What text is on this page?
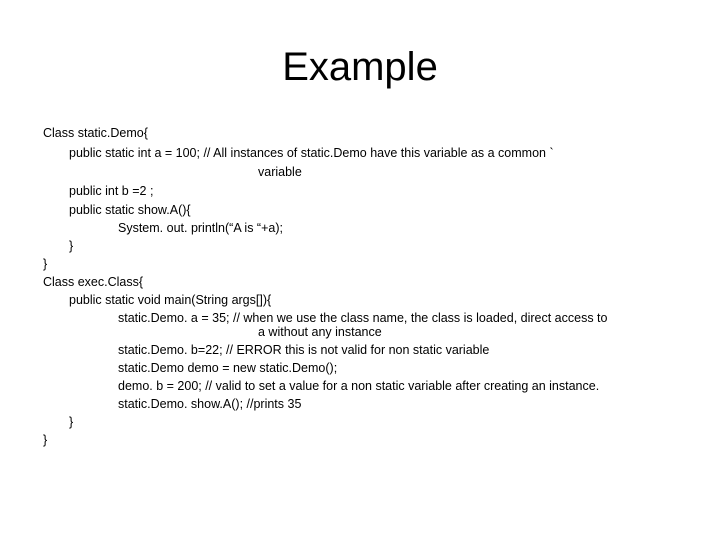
Example
Class static.Demo{
public static int a = 100; // All instances of static.Demo have this variable as a common `
variable
public int b =2 ;
public static show.A(){
System. out. println(“A is “+a);
}
}
Class exec.Class{
public static void main(String args[]){
static.Demo. a = 35; // when we use the class name, the class is loaded, direct access to
a without any instance
static.Demo. b=22; // ERROR this is not valid for non static variable
static.Demo demo = new static.Demo();
demo. b = 200; // valid to set a value for a non static variable after creating an instance.
static.Demo. show.A(); //prints 35
}
}
